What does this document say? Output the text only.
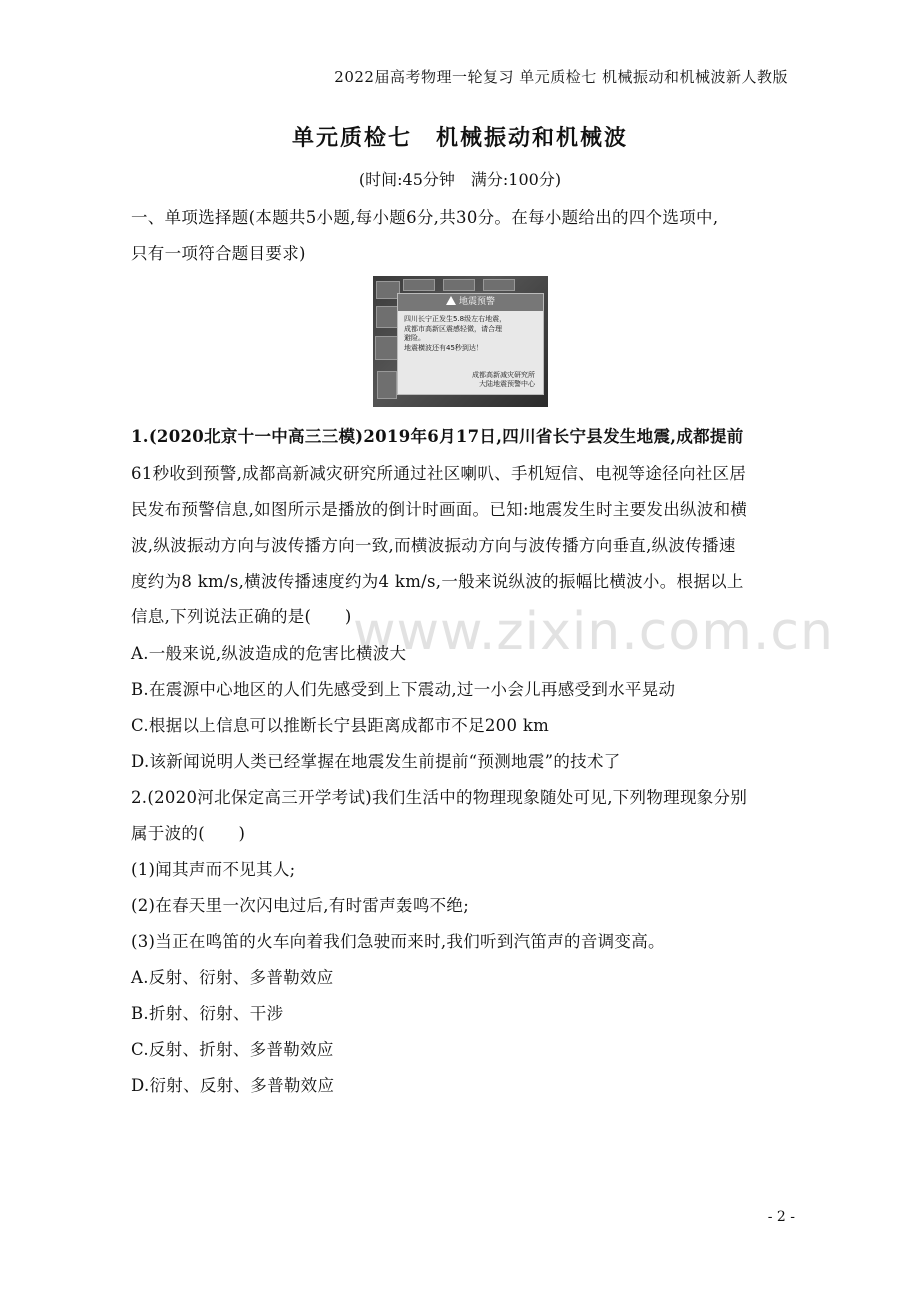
2022届高考物理一轮复习 单元质检七 机械振动和机械波新人教版
单元质检七　机械振动和机械波
(时间:45分钟　满分:100分)
一、单项选择题(本题共5小题,每小题6分,共30分。在每小题给出的四个选项中,
只有一项符合题目要求)
地震预警
四川长宁正发生5.8级左右地震，
成都市高新区震感轻微，请合理
避险。
地震横波还有45秒到达！
成都高新减灾研究所
大陆地震预警中心
www.zixin.com.cn
1.(2020北京十一中高三三模)2019年6月17日,四川省长宁县发生地震,成都提前
61秒收到预警,成都高新减灾研究所通过社区喇叭、手机短信、电视等途径向社区居
民发布预警信息,如图所示是播放的倒计时画面。已知:地震发生时主要发出纵波和横
波,纵波振动方向与波传播方向一致,而横波振动方向与波传播方向垂直,纵波传播速
度约为8 km/s,横波传播速度约为4 km/s,一般来说纵波的振幅比横波小。根据以上
信息,下列说法正确的是(　　)
A.一般来说,纵波造成的危害比横波大
B.在震源中心地区的人们先感受到上下震动,过一小会儿再感受到水平晃动
C.根据以上信息可以推断长宁县距离成都市不足200 km
D.该新闻说明人类已经掌握在地震发生前提前“预测地震”的技术了
2.(2020河北保定高三开学考试)我们生活中的物理现象随处可见,下列物理现象分别
属于波的(　　)
(1)闻其声而不见其人;
(2)在春天里一次闪电过后,有时雷声轰鸣不绝;
(3)当正在鸣笛的火车向着我们急驶而来时,我们听到汽笛声的音调变高。
A.反射、衍射、多普勒效应
B.折射、衍射、干涉
C.反射、折射、多普勒效应
D.衍射、反射、多普勒效应
- 2 -
